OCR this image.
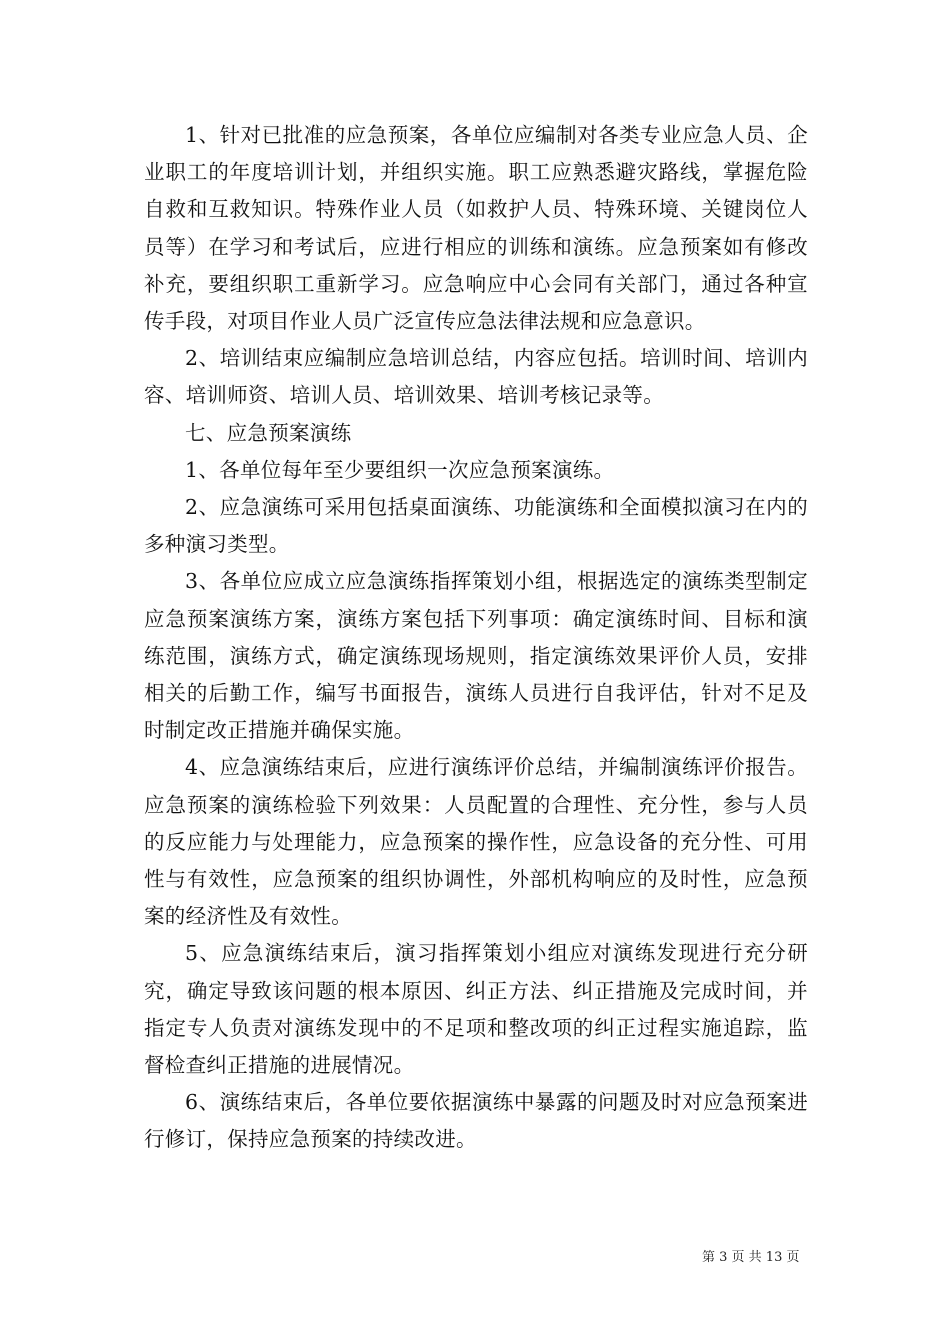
1、针对已批准的应急预案，各单位应编制对各类专业应急人员、企业职工的年度培训计划，并组织实施。职工应熟悉避灾路线，掌握危险自救和互救知识。特殊作业人员（如救护人员、特殊环境、关键岗位人员等）在学习和考试后，应进行相应的训练和演练。应急预案如有修改补充，要组织职工重新学习。应急响应中心会同有关部门，通过各种宣传手段，对项目作业人员广泛宣传应急法律法规和应急意识。

2、培训结束应编制应急培训总结，内容应包括。培训时间、培训内容、培训师资、培训人员、培训效果、培训考核记录等。

七、应急预案演练

1、各单位每年至少要组织一次应急预案演练。

2、应急演练可采用包括桌面演练、功能演练和全面模拟演习在内的多种演习类型。

3、各单位应成立应急演练指挥策划小组，根据选定的演练类型制定应急预案演练方案，演练方案包括下列事项：确定演练时间、目标和演练范围，演练方式，确定演练现场规则，指定演练效果评价人员，安排相关的后勤工作，编写书面报告，演练人员进行自我评估，针对不足及时制定改正措施并确保实施。

4、应急演练结束后，应进行演练评价总结，并编制演练评价报告。应急预案的演练检验下列效果：人员配置的合理性、充分性，参与人员的反应能力与处理能力，应急预案的操作性，应急设备的充分性、可用性与有效性，应急预案的组织协调性，外部机构响应的及时性，应急预案的经济性及有效性。

5、应急演练结束后，演习指挥策划小组应对演练发现进行充分研究，确定导致该问题的根本原因、纠正方法、纠正措施及完成时间，并指定专人负责对演练发现中的不足项和整改项的纠正过程实施追踪，监督检查纠正措施的进展情况。

6、演练结束后，各单位要依据演练中暴露的问题及时对应急预案进行修订，保持应急预案的持续改进。

第 3 页 共 13 页
